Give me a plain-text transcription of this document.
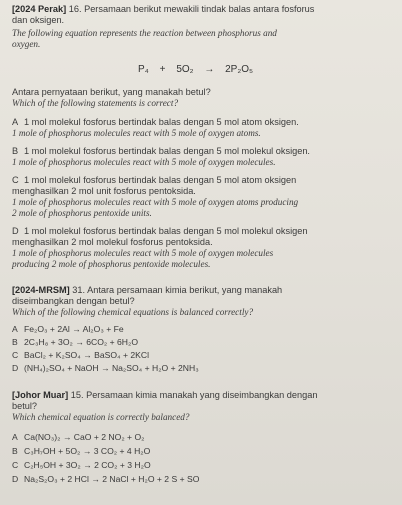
[2024 Perak] 16. Persamaan berikut mewakili tindak balas antara fosforus
dan oksigen.
The following equation represents the reaction between phosphorus and
oxygen.
P₄ + 5O₂ → 2P₂O₅
Antara pernyataan berikut, yang manakah betul?
Which of the following statements is correct?
A 1 mol molekul fosforus bertindak balas dengan 5 mol atom oksigen.
1 mole of phosphorus molecules react with 5 mole of oxygen atoms.
B 1 mol molekul fosforus bertindak balas dengan 5 mol molekul oksigen.
1 mole of phosphorus molecules react with 5 mole of oxygen molecules.
C 1 mol molekul fosforus bertindak balas dengan 5 mol atom oksigen
menghasilkan 2 mol unit fosforus pentoksida.
1 mole of phosphorus molecules react with 5 mole of oxygen atoms producing
2 mole of phosphorus pentoxide units.
D 1 mol molekul fosforus bertindak balas dengan 5 mol molekul oksigen
menghasilkan 2 mol molekul fosforus pentoksida.
1 mole of phosphorus molecules react with 5 mole of oxygen molecules
producing 2 mole of phosphorus pentoxide molecules.
[2024-MRSM] 31. Antara persamaan kimia berikut, yang manakah
diseimbangkan dengan betul?
Which of the following chemical equations is balanced correctly?
A Fe₂O₃ + 2Al → Al₂O₃ + Fe
B 2C₃H₈ + 3O₂ → 6CO₂ + 6H₂O
C BaCl₂ + K₂SO₄ → BaSO₄ + 2KCl
D (NH₄)₂SO₄ + NaOH → Na₂SO₄ + H₂O + 2NH₃
[Johor Muar] 15. Persamaan kimia manakah yang diseimbangkan dengan
betul?
Which chemical equation is correctly balanced?
A Ca(NO₃)₂ → CaO + 2 NO₂ + O₂
B C₃H₇OH + 5O₂ → 3 CO₂ + 4 H₂O
C C₂H₅OH + 3O₂ → 2 CO₂ + 3 H₂O
D Na₂S₂O₃ + 2 HCl → 2 NaCl + H₂O + 2 S + SO
